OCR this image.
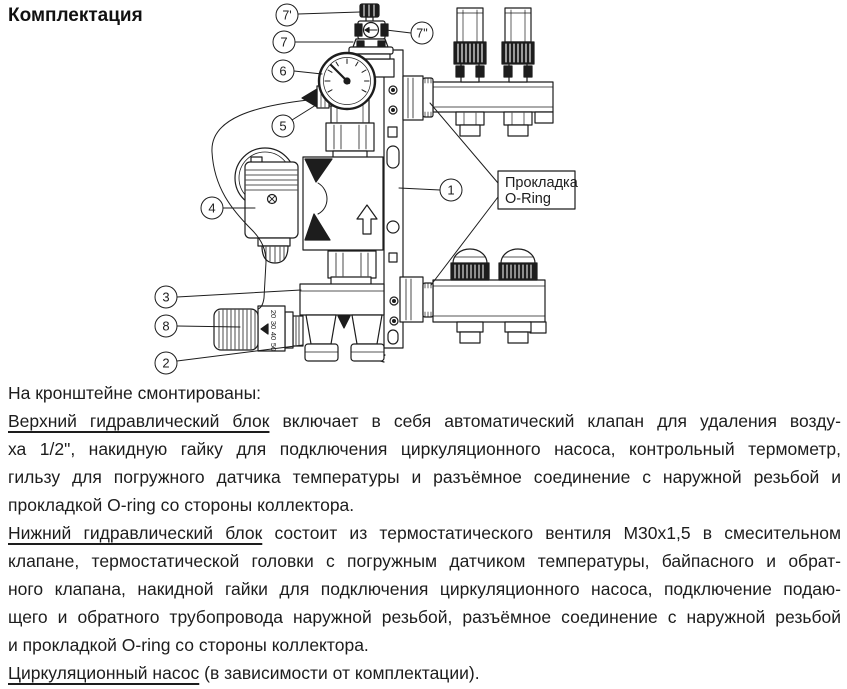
Комплектация
20
30
40
50
Прокладка
O-Ring
7'
7"
7
6
5
4
1
3
8
2
На кронштейне смонтированы:
Верхний гидравлический блок включает в себя автоматический клапан для удаления возду-
ха 1/2", накидную гайку для подключения циркуляционного насоса, контрольный термометр,
гильзу для погружного датчика температуры и разъёмное соединение с наружной резьбой и
прокладкой O-ring со стороны коллектора.
Нижний гидравлический блок состоит из термостатического вентиля М30х1,5 в смесительном
клапане, термостатической головки с погружным датчиком температуры, байпасного и обрат-
ного клапана, накидной гайки для подключения циркуляционного насоса, подключение подаю-
щего и обратного трубопровода наружной резьбой, разъёмное соединение с наружной резьбой
и прокладкой O-ring со стороны коллектора.
Циркуляционный насос (в зависимости от комплектации).
